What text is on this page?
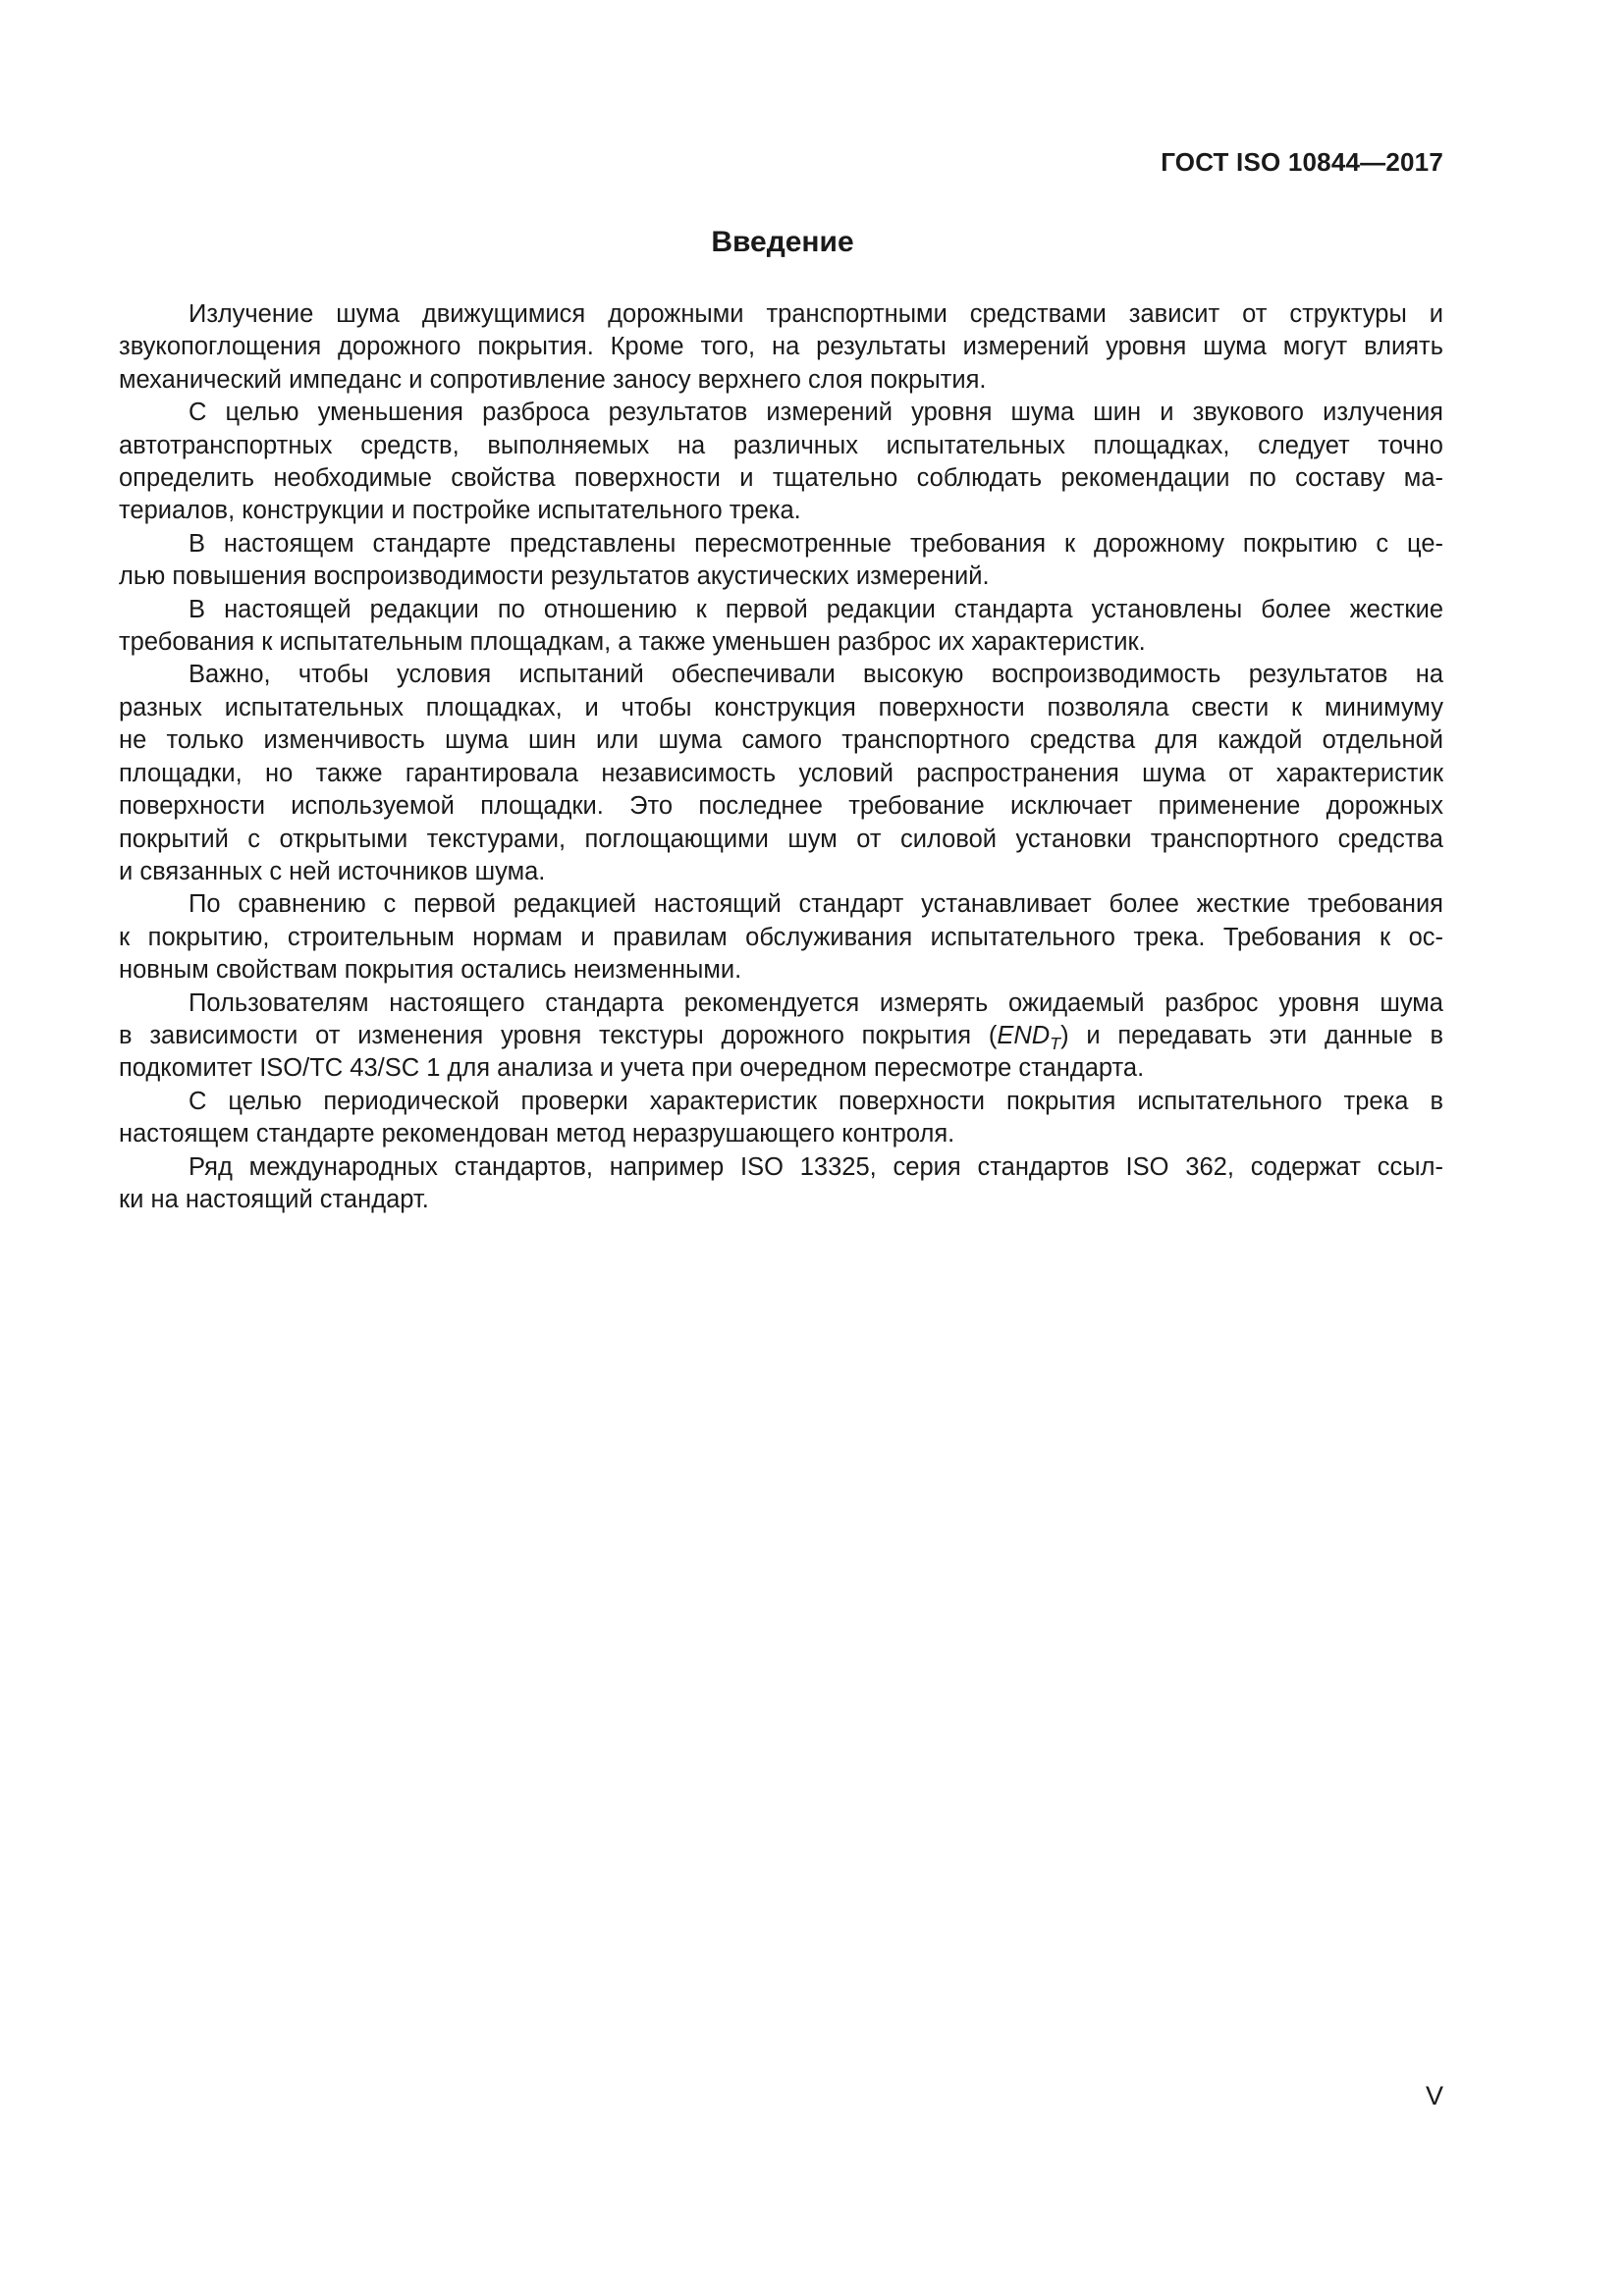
ГОСТ ISO 10844—2017
Введение
Излучение шума движущимися дорожными транспортными средствами зависит от структуры и
звукопоглощения дорожного покрытия. Кроме того, на результаты измерений уровня шума могут влиять
механический импеданс и сопротивление заносу верхнего слоя покрытия.
С целью уменьшения разброса результатов измерений уровня шума шин и звукового излучения
автотранспортных средств, выполняемых на различных испытательных площадках, следует точно
определить необходимые свойства поверхности и тщательно соблюдать рекомендации по составу ма-
териалов, конструкции и постройке испытательного трека.
В настоящем стандарте представлены пересмотренные требования к дорожному покрытию с це-
лью повышения воспроизводимости результатов акустических измерений.
В настоящей редакции по отношению к первой редакции стандарта установлены более жесткие
требования к испытательным площадкам, а также уменьшен разброс их характеристик.
Важно, чтобы условия испытаний обеспечивали высокую воспроизводимость результатов на
разных испытательных площадках, и чтобы конструкция поверхности позволяла свести к минимуму
не только изменчивость шума шин или шума самого транспортного средства для каждой отдельной
площадки, но также гарантировала независимость условий распространения шума от характеристик
поверхности используемой площадки. Это последнее требование исключает применение дорожных
покрытий с открытыми текстурами, поглощающими шум от силовой установки транспортного средства
и связанных с ней источников шума.
По сравнению с первой редакцией настоящий стандарт устанавливает более жесткие требования
к покрытию, строительным нормам и правилам обслуживания испытательного трека. Требования к ос-
новным свойствам покрытия остались неизменными.
Пользователям настоящего стандарта рекомендуется измерять ожидаемый разброс уровня шума
в зависимости от изменения уровня текстуры дорожного покрытия $(END_T)$ и передавать эти данные в
подкомитет ISO/TC 43/SC 1 для анализа и учета при очередном пересмотре стандарта.
С целью периодической проверки характеристик поверхности покрытия испытательного трека в
настоящем стандарте рекомендован метод неразрушающего контроля.
Ряд международных стандартов, например ISO 13325, серия стандартов ISO 362, содержат ссыл-
ки на настоящий стандарт.
V
